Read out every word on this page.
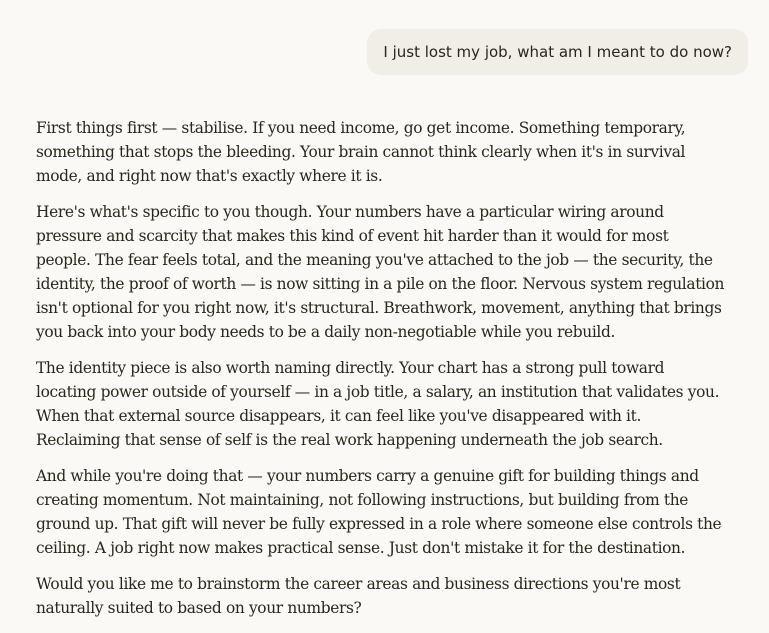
I just lost my job, what am I meant to do now?

First things first — stabilise. If you need income, go get income. Something temporary, something that stops the bleeding. Your brain cannot think clearly when it's in survival mode, and right now that's exactly where it is.

Here's what's specific to you though. Your numbers have a particular wiring around pressure and scarcity that makes this kind of event hit harder than it would for most people. The fear feels total, and the meaning you've attached to the job — the security, the identity, the proof of worth — is now sitting in a pile on the floor. Nervous system regulation isn't optional for you right now, it's structural. Breathwork, movement, anything that brings you back into your body needs to be a daily non-negotiable while you rebuild.

The identity piece is also worth naming directly. Your chart has a strong pull toward locating power outside of yourself — in a job title, a salary, an institution that validates you. When that external source disappears, it can feel like you've disappeared with it. Reclaiming that sense of self is the real work happening underneath the job search.

And while you're doing that — your numbers carry a genuine gift for building things and creating momentum. Not maintaining, not following instructions, but building from the ground up. That gift will never be fully expressed in a role where someone else controls the ceiling. A job right now makes practical sense. Just don't mistake it for the destination.

Would you like me to brainstorm the career areas and business directions you're most naturally suited to based on your numbers?
